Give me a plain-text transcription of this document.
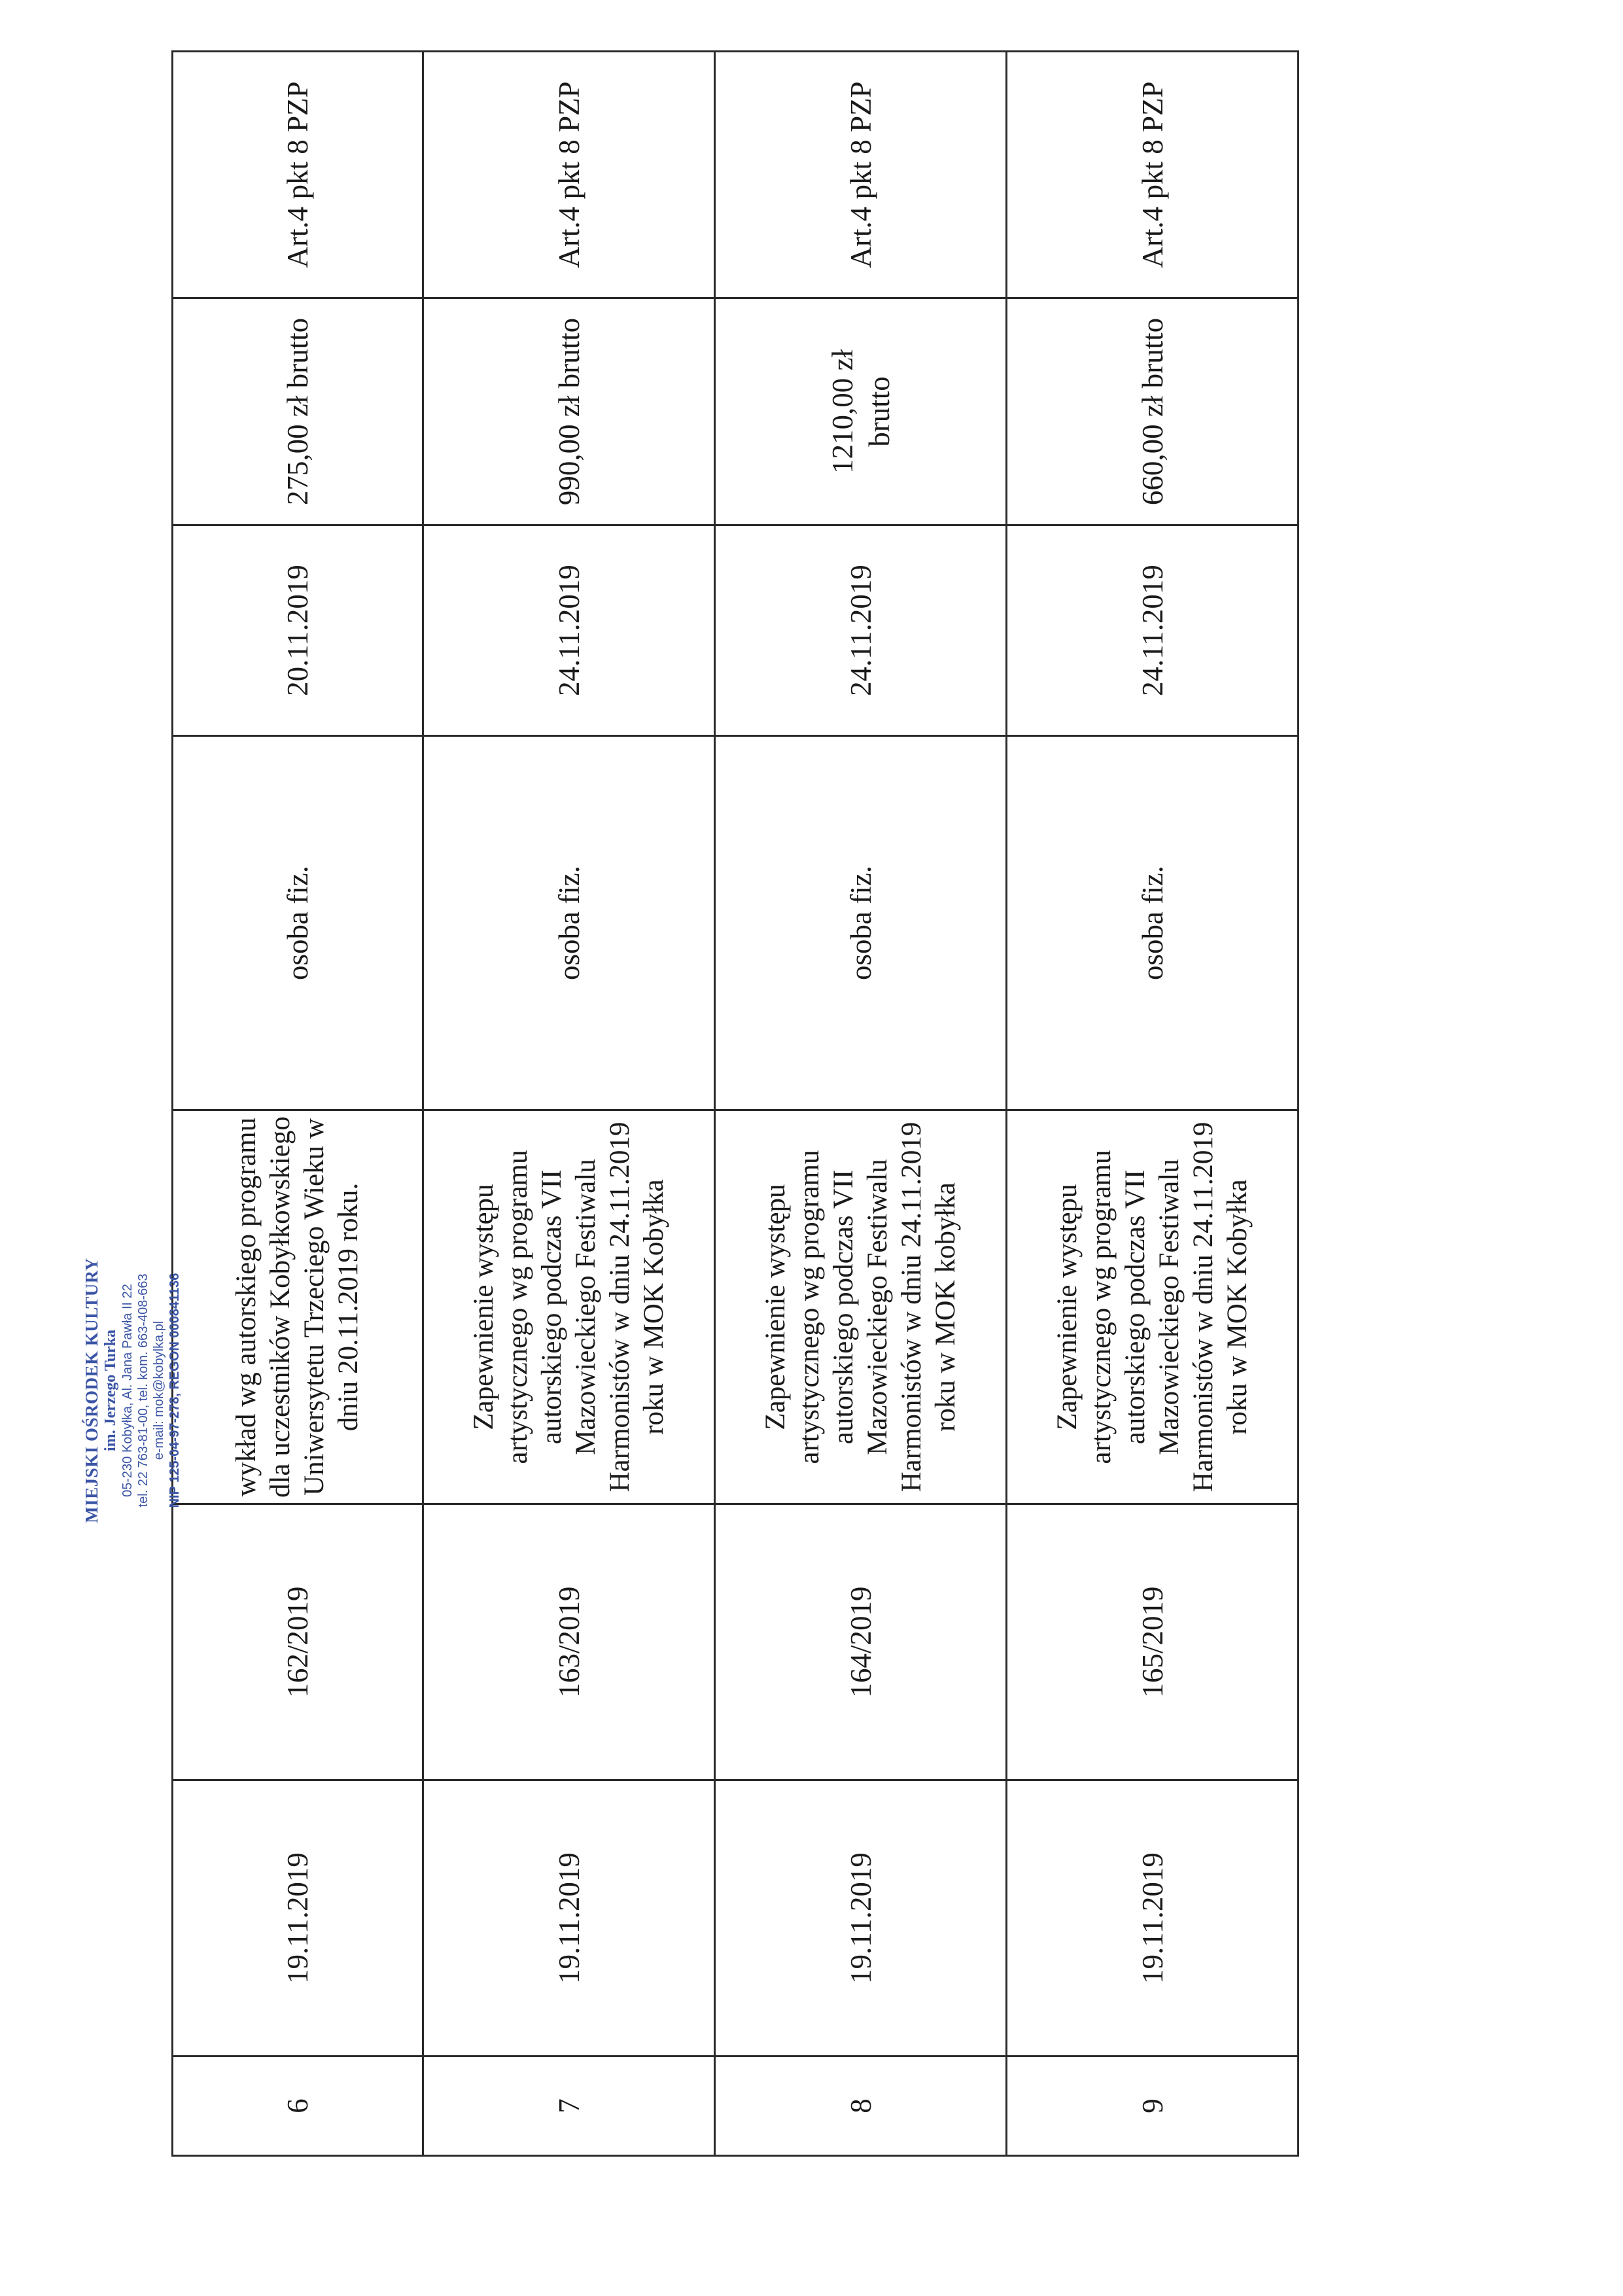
6	19.11.2019	162/2019	wykład wg autorskiego programu dla uczestników Kobyłkowskiego Uniwersytetu Trzeciego Wieku w dniu 20.11.2019 roku.	osoba fiz.	20.11.2019	275,00 zł brutto	Art.4 pkt 8 PZP
7	19.11.2019	163/2019	Zapewnienie występu artystycznego wg programu autorskiego podczas VII Mazowieckiego Festiwalu Harmonistów w dniu 24.11.2019 roku w MOK Kobyłka	osoba fiz.	24.11.2019	990,00 zł brutto	Art.4 pkt 8 PZP
8	19.11.2019	164/2019	Zapewnienie występu artystycznego wg programu autorskiego podczas VII Mazowieckiego Festiwalu Harmonistów w dniu 24.11.2019 roku w MOK kobyłka	osoba fiz.	24.11.2019	1210,00 zł brutto	Art.4 pkt 8 PZP
9	19.11.2019	165/2019	Zapewnienie występu artystycznego wg programu autorskiego podczas VII Mazowieckiego Festiwalu Harmonistów w dniu 24.11.2019 roku w MOK Kobyłka	osoba fiz.	24.11.2019	660,00 zł brutto	Art.4 pkt 8 PZP
MIEJSKI OŚRODEK KULTURY im. Jerzego Turka 05-230 Kobyłka, Al. Jana Pawła II 22 tel. 22 763-81-00, tel. kom. 663-408-663 e-mail: mok@kobylka.pl NIP 125-04-97-278, REGON 000841136
